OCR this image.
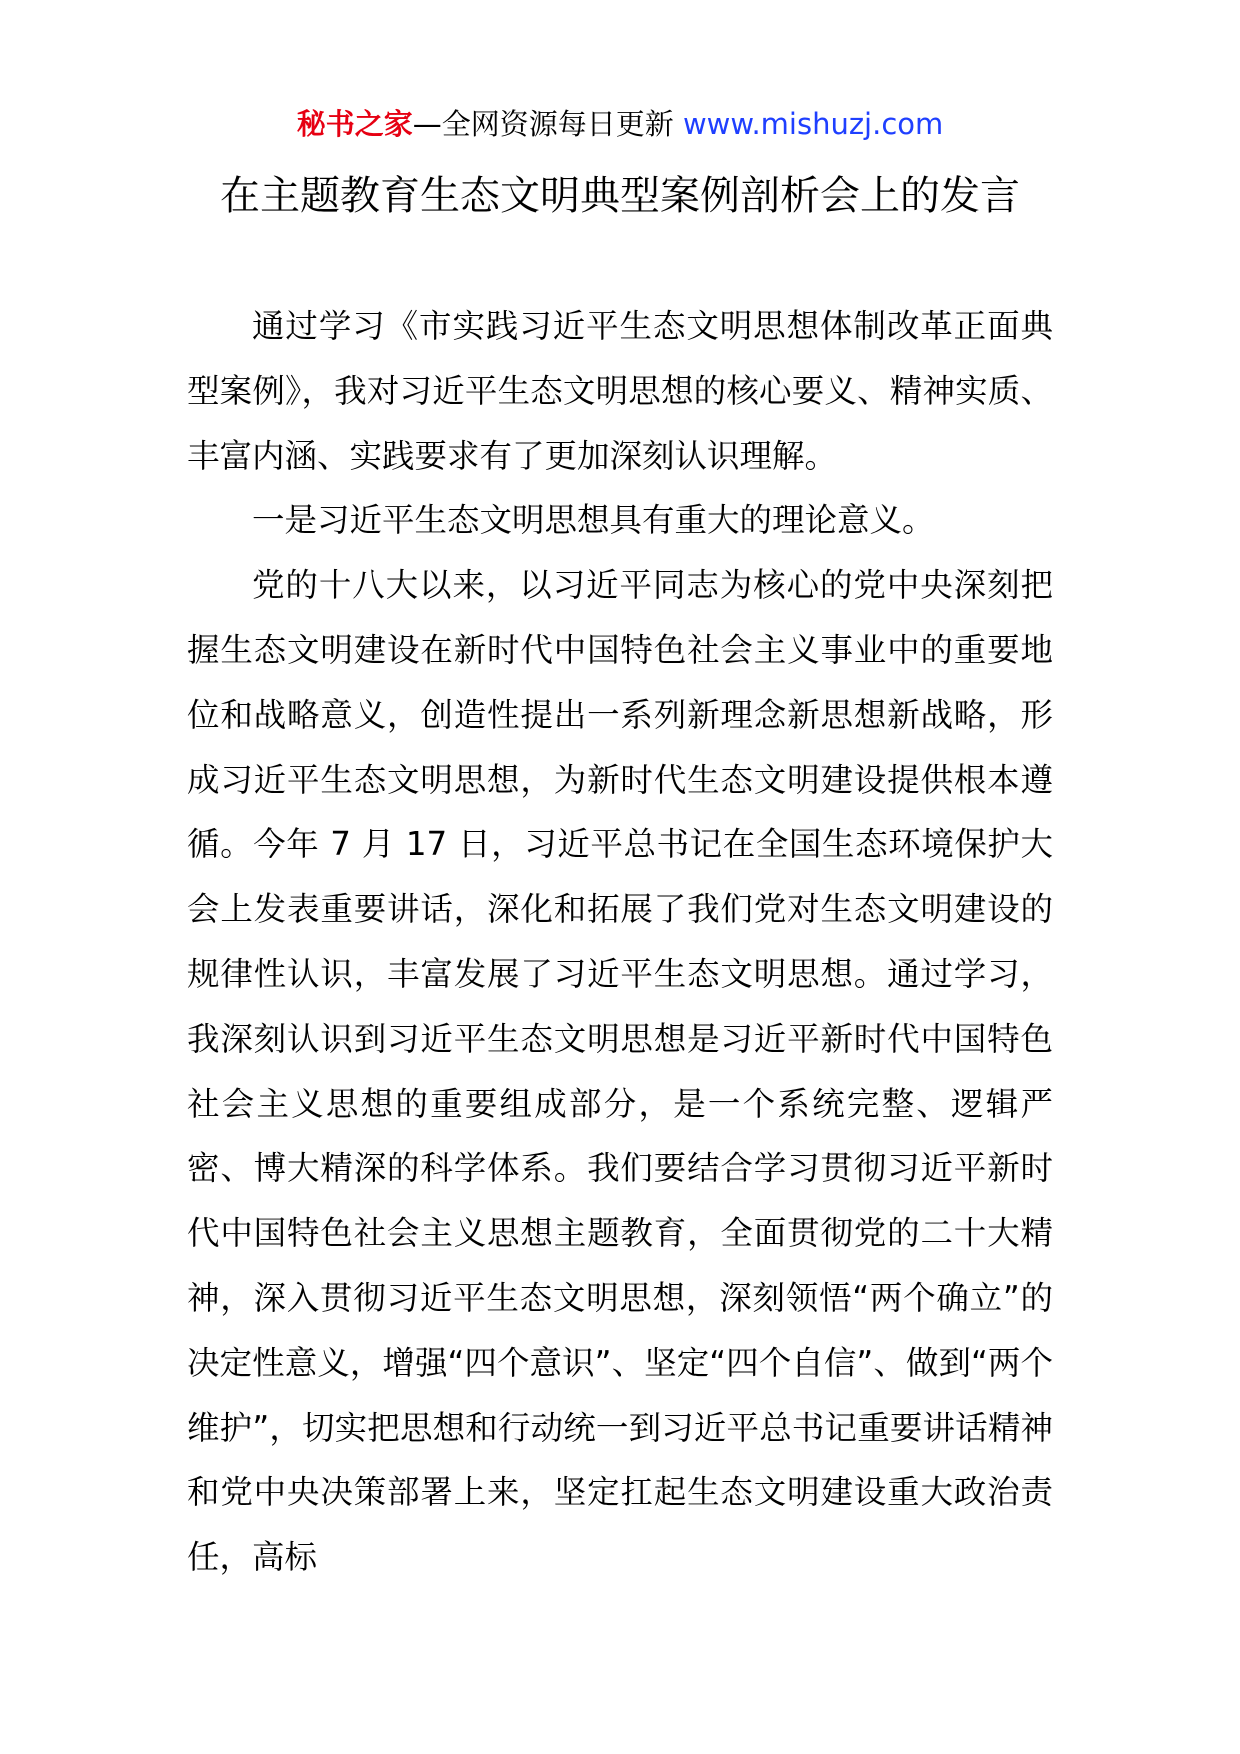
秘书之家—全网资源每日更新 www.mishuzj.com
在主题教育生态文明典型案例剖析会上的发言

通过学习《市实践习近平生态文明思想体制改革正面典型案例》，我对习近平生态文明思想的核心要义、精神实质、丰富内涵、实践要求有了更加深刻认识理解。

一是习近平生态文明思想具有重大的理论意义。

党的十八大以来，以习近平同志为核心的党中央深刻把握生态文明建设在新时代中国特色社会主义事业中的重要地位和战略意义，创造性提出一系列新理念新思想新战略，形成习近平生态文明思想，为新时代生态文明建设提供根本遵循。今年 7 月 17 日，习近平总书记在全国生态环境保护大会上发表重要讲话，深化和拓展了我们党对生态文明建设的规律性认识，丰富发展了习近平生态文明思想。通过学习，我深刻认识到习近平生态文明思想是习近平新时代中国特色社会主义思想的重要组成部分，是一个系统完整、逻辑严密、博大精深的科学体系。我们要结合学习贯彻习近平新时代中国特色社会主义思想主题教育，全面贯彻党的二十大精神，深入贯彻习近平生态文明思想，深刻领悟“两个确立”的决定性意义，增强“四个意识”、坚定“四个自信”、做到“两个维护”，切实把思想和行动统一到习近平总书记重要讲话精神和党中央决策部署上来，坚定扛起生态文明建设重大政治责任，高标
